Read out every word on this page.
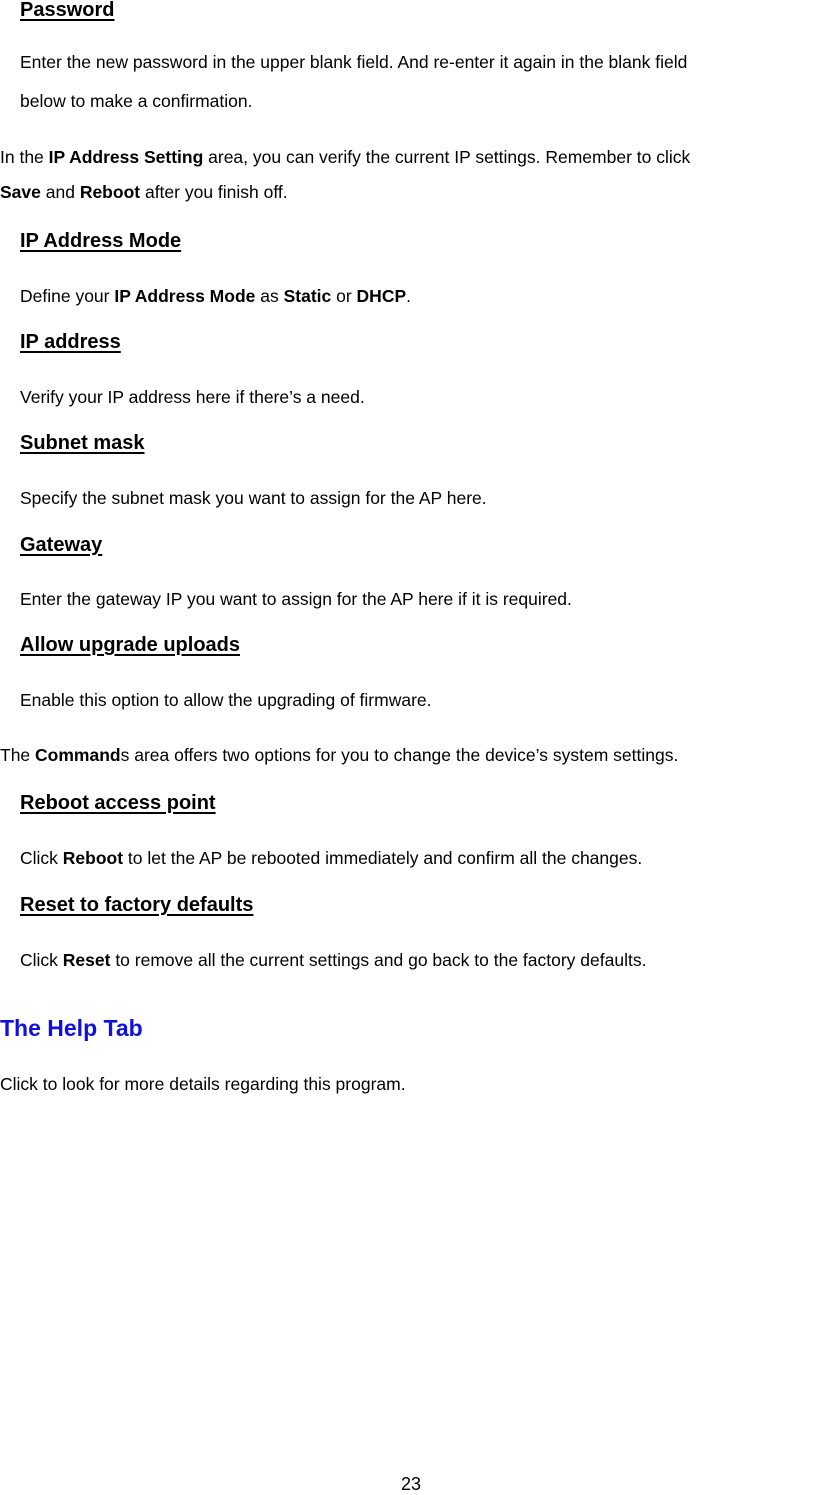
Password
Enter the new password in the upper blank field. And re-enter it again in the blank field
below to make a confirmation.
In the IP Address Setting area, you can verify the current IP settings. Remember to click
Save and Reboot after you finish off.
IP Address Mode
Define your IP Address Mode as Static or DHCP.
IP address
Verify your IP address here if there’s a need.
Subnet mask
Specify the subnet mask you want to assign for the AP here.
Gateway
Enter the gateway IP you want to assign for the AP here if it is required.
Allow upgrade uploads
Enable this option to allow the upgrading of firmware.
The Commands area offers two options for you to change the device’s system settings.
Reboot access point
Click Reboot to let the AP be rebooted immediately and confirm all the changes.
Reset to factory defaults
Click Reset to remove all the current settings and go back to the factory defaults.
The Help Tab
Click to look for more details regarding this program.
23
